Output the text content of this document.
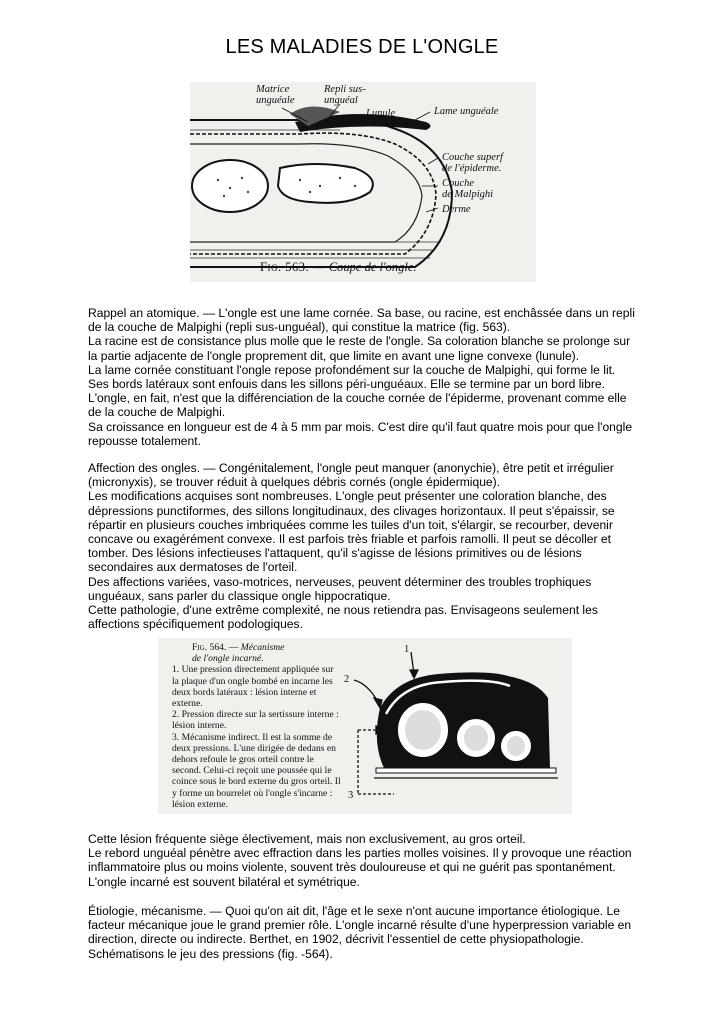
LES MALADIES DE L'ONGLE
Matrice
unguéale
Repli sus-
unguéal
Lunule	Lame unguéale
Couche superf
de l'épiderme.
Couche
de Malpighi
Derme
Fig. 563. — Coupe de l'ongle.

Rappel an atomique. — L'ongle est une lame cornée. Sa base, ou racine, est enchâssée dans un repli de la couche de Malpighi (repli sus-unguéal), qui constitue la matrice (fig. 563).

La racine est de consistance plus molle que le reste de l'ongle. Sa coloration blanche se prolonge sur la partie adjacente de l'ongle proprement dit, que limite en avant une ligne convexe (lunule).

La lame cornée constituant l'ongle repose profondément sur la couche de Malpighi, qui forme le lit. Ses bords latéraux sont enfouis dans les sillons péri-unguéaux. Elle se termine par un bord libre.

L'ongle, en fait, n'est que la différenciation de la couche cornée de l'épiderme, provenant comme elle de la couche de Malpighi.

Sa croissance en longueur est de 4 à 5 mm par mois. C'est dire qu'il faut quatre mois pour que l'ongle repousse totalement.

Affection des ongles. — Congénitalement, l'ongle peut manquer (anonychie), être petit et irrégulier (micronyxis), se trouver réduit à quelques débris cornés (ongle épidermique).

Les modifications acquises sont nombreuses. L'ongle peut présenter une coloration blanche, des dépressions punctiformes, des sillons longitudinaux, des clivages horizontaux. Il peut s'épaissir, se répartir en plusieurs couches imbriquées comme les tuiles d'un toit, s'élargir, se recourber, devenir concave ou exagérément convexe. Il est parfois très friable et parfois ramolli. Il peut se décoller et tomber. Des lésions infectieuses l'attaquent, qu'il s'agisse de lésions primitives ou de lésions secondaires aux dermatoses de l'orteil.

Des affections variées, vaso-motrices, nerveuses, peuvent déterminer des troubles trophiques unguéaux, sans parler du classique ongle hippocratique.

Cette pathologie, d'une extrême complexité, ne nous retiendra pas. Envisageons seulement les affections spécifiquement podologiques.

Fig. 564. — Mécanisme
de l'ongle incarné.
1. Une pression directement appliquée sur la plaque d'un ongle bombé en incarne les deux bords latéraux : lésion interne et externe.
2. Pression directe sur la sertissure interne : lésion interne.
3. Mécanisme indirect. Il est la somme de deux pressions. L'une dirigée de dedans en dehors refoule le gros orteil contre le second. Celui-ci reçoit une poussée qui le coince sous le bord externe du gros orteil. Il y forme un bourrelet où l'ongle s'incarne : lésion externe.
1
2
3

Cette lésion fréquente siège électivement, mais non exclusivement, au gros orteil.

Le rebord unguéal pénètre avec effraction dans les parties molles voisines. Il y provoque une réaction inflammatoire plus ou moins violente, souvent très douloureuse et qui ne guérit pas spontanément.

L'ongle incarné est souvent bilatéral et symétrique.

Étiologie, mécanisme. — Quoi qu'on ait dit, l'âge et le sexe n'ont aucune importance étiologique. Le facteur mécanique joue le grand premier rôle. L'ongle incarné résulte d'une hyperpression variable en direction, directe ou indirecte. Berthet, en 1902, décrivit l'essentiel de cette physiopathologie. Schématisons le jeu des pressions (fig. -564).
